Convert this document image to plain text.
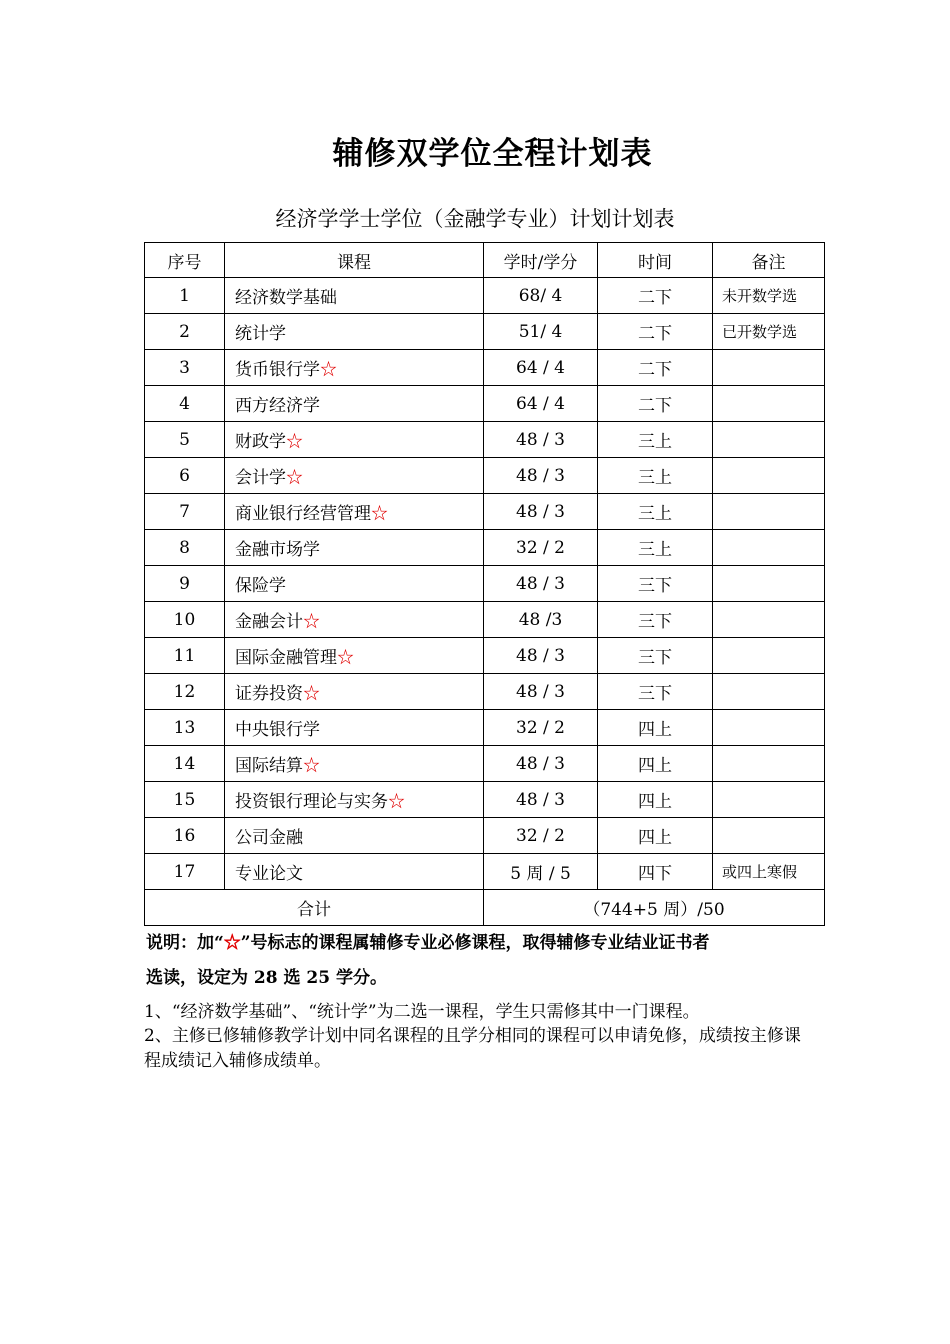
辅修双学位全程计划表
经济学学士学位（金融学专业）计划计划表
序号	课程	学时/学分	时间	备注
1	经济数学基础	68/ 4	二下	未开数学选
2	统计学	51/ 4	二下	已开数学选
3	货币银行学☆	64 / 4	二下	
4	西方经济学	64 / 4	二下	
5	财政学☆	48 / 3	三上	
6	会计学☆	48 / 3	三上	
7	商业银行经营管理☆	48 / 3	三上	
8	金融市场学	32 / 2	三上	
9	保险学	48 / 3	三下	
10	金融会计☆	48 /3	三下	
11	国际金融管理☆	48 / 3	三下	
12	证券投资☆	48 / 3	三下	
13	中央银行学	32 / 2	四上	
14	国际结算☆	48 / 3	四上	
15	投资银行理论与实务☆	48 / 3	四上	
16	公司金融	32 / 2	四上	
17	专业论文	5 周 / 5	四下	或四上寒假
合计		（744+5 周）/50		
说明：加“☆”号标志的课程属辅修专业必修课程，取得辅修专业结业证书者
选读，设定为 28 选 25 学分。
1、“经济数学基础”、“统计学”为二选一课程，学生只需修其中一门课程。
2、主修已修辅修教学计划中同名课程的且学分相同的课程可以申请免修，成绩按主修课程成绩记入辅修成绩单。
